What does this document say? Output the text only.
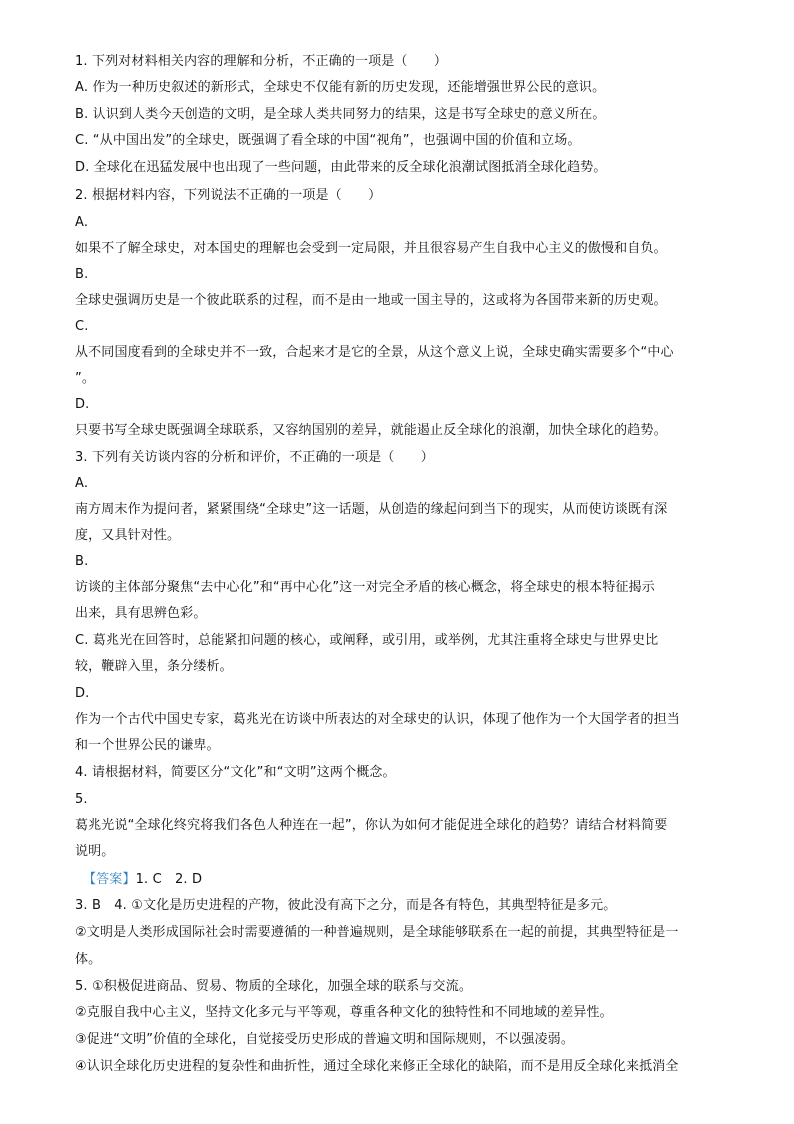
1. 下列对材料相关内容的理解和分析，不正确的一项是（　　）
A. 作为一种历史叙述的新形式，全球史不仅能有新的历史发现，还能增强世界公民的意识。
B. 认识到人类今天创造的文明，是全球人类共同努力的结果，这是书写全球史的意义所在。
C. “从中国出发”的全球史，既强调了看全球的中国“视角”，也强调中国的价值和立场。
D. 全球化在迅猛发展中也出现了一些问题，由此带来的反全球化浪潮试图抵消全球化趋势。
2. 根据材料内容，下列说法不正确的一项是（　　）
A.
如果不了解全球史，对本国史的理解也会受到一定局限，并且很容易产生自我中心主义的傲慢和自负。
B.
全球史强调历史是一个彼此联系的过程，而不是由一地或一国主导的，这或将为各国带来新的历史观。
C.
从不同国度看到的全球史并不一致，合起来才是它的全景，从这个意义上说，全球史确实需要多个“中心
”。
D.
只要书写全球史既强调全球联系，又容纳国别的差异，就能遏止反全球化的浪潮，加快全球化的趋势。
3. 下列有关访谈内容的分析和评价，不正确的一项是（　　）
A.
南方周末作为提问者，紧紧围绕“全球史”这一话题，从创造的缘起问到当下的现实，从而使访谈既有深
度，又具针对性。
B.
访谈的主体部分聚焦“去中心化”和“再中心化”这一对完全矛盾的核心概念，将全球史的根本特征揭示
出来，具有思辨色彩。
C. 葛兆光在回答时，总能紧扣问题的核心，或阐释，或引用，或举例，尤其注重将全球史与世界史比
较，鞭辟入里，条分缕析。
D.
作为一个古代中国史专家，葛兆光在访谈中所表达的对全球史的认识，体现了他作为一个大国学者的担当
和一个世界公民的谦卑。
4. 请根据材料，简要区分“文化”和“文明”这两个概念。
5.
葛兆光说“全球化终究将我们各色人种连在一起”，你认为如何才能促进全球化的趋势？请结合材料简要
说明。
【答案】1. C　2. D
3. B　4. ①文化是历史进程的产物，彼此没有高下之分，而是各有特色，其典型特征是多元。
②文明是人类形成国际社会时需要遵循的一种普遍规则，是全球能够联系在一起的前提，其典型特征是一
体。
5. ①积极促进商品、贸易、物质的全球化，加强全球的联系与交流。
②克服自我中心主义，坚持文化多元与平等观，尊重各种文化的独特性和不同地域的差异性。
③促进“文明”价值的全球化，自觉接受历史形成的普遍文明和国际规则，不以强凌弱。
④认识全球化历史进程的复杂性和曲折性，通过全球化来修正全球化的缺陷，而不是用反全球化来抵消全
